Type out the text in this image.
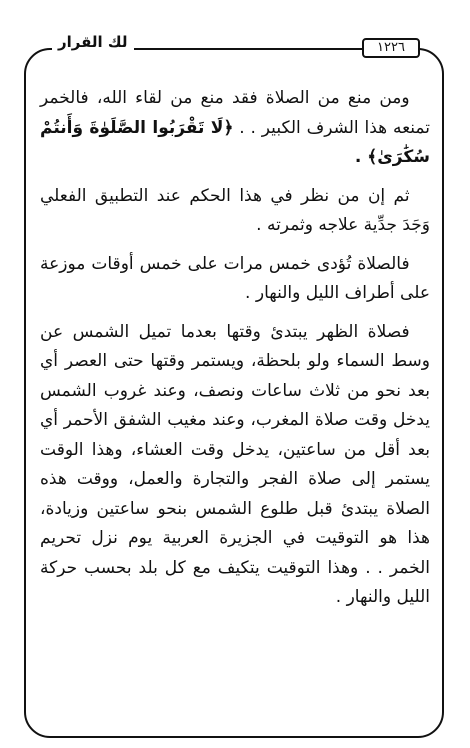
لك القرار	١٢٢٦

ومن منع من الصلاة فقد منع من لقاء الله، فالخمر تمنعه هذا الشرف الكبير . . ﴿لَا تَقْرَبُوا الصَّلَوٰةَ وَأَنتُمْ سُكَٰرَىٰ﴾ .

ثم إن من نظر في هذا الحكم عند التطبيق الفعلي وَجَدَ جدِّية علاجه وثمرته .

فالصلاة تُؤدى خمس مرات على خمس أوقات موزعة على أطراف الليل والنهار .

فصلاة الظهر يبتدئ وقتها بعدما تميل الشمس عن وسط السماء ولو بلحظة، ويستمر وقتها حتى العصر أي بعد نحو من ثلاث ساعات ونصف، وعند غروب الشمس يدخل وقت صلاة المغرب، وعند مغيب الشفق الأحمر أي بعد أقل من ساعتين، يدخل وقت العشاء، وهذا الوقت يستمر إلى صلاة الفجر والتجارة والعمل، ووقت هذه الصلاة يبتدئ قبل طلوع الشمس بنحو ساعتين وزيادة، هذا هو التوقيت في الجزيرة العربية يوم نزل تحريم الخمر . . وهذا التوقيت يتكيف مع كل بلد بحسب حركة الليل والنهار .
